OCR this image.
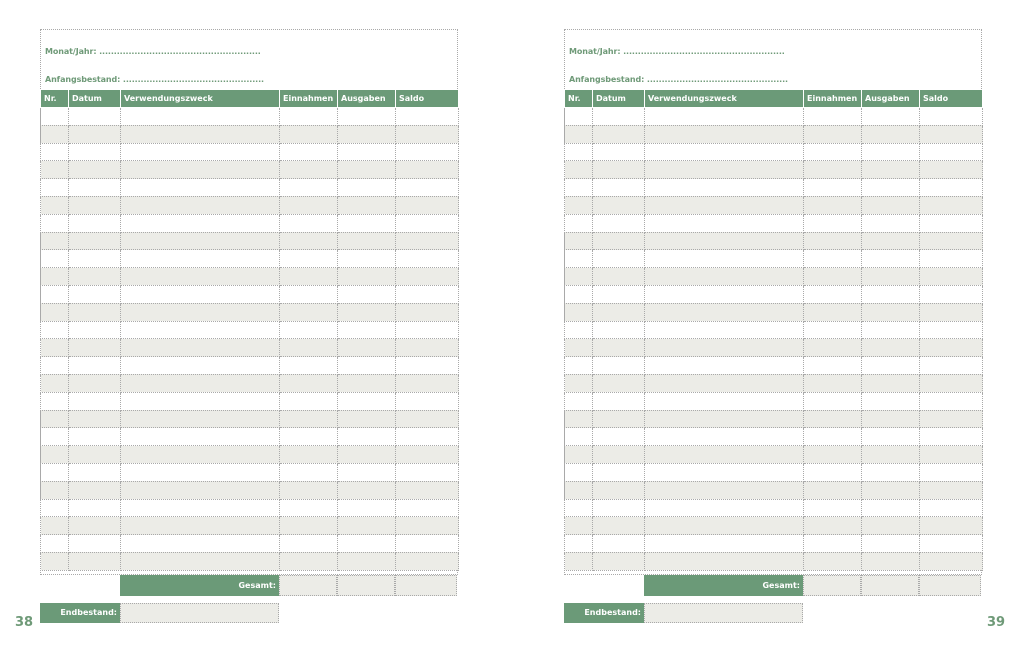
Monat/Jahr: .......................................................
Anfangsbestand: ................................................
Nr.	Datum	Verwendungszweck	Einnahmen	Ausgaben	Saldo

Gesamt:
Endbestand:
38
Monat/Jahr: .......................................................
Anfangsbestand: ................................................
Nr.	Datum	Verwendungszweck	Einnahmen	Ausgaben	Saldo

Gesamt:
Endbestand:
39
